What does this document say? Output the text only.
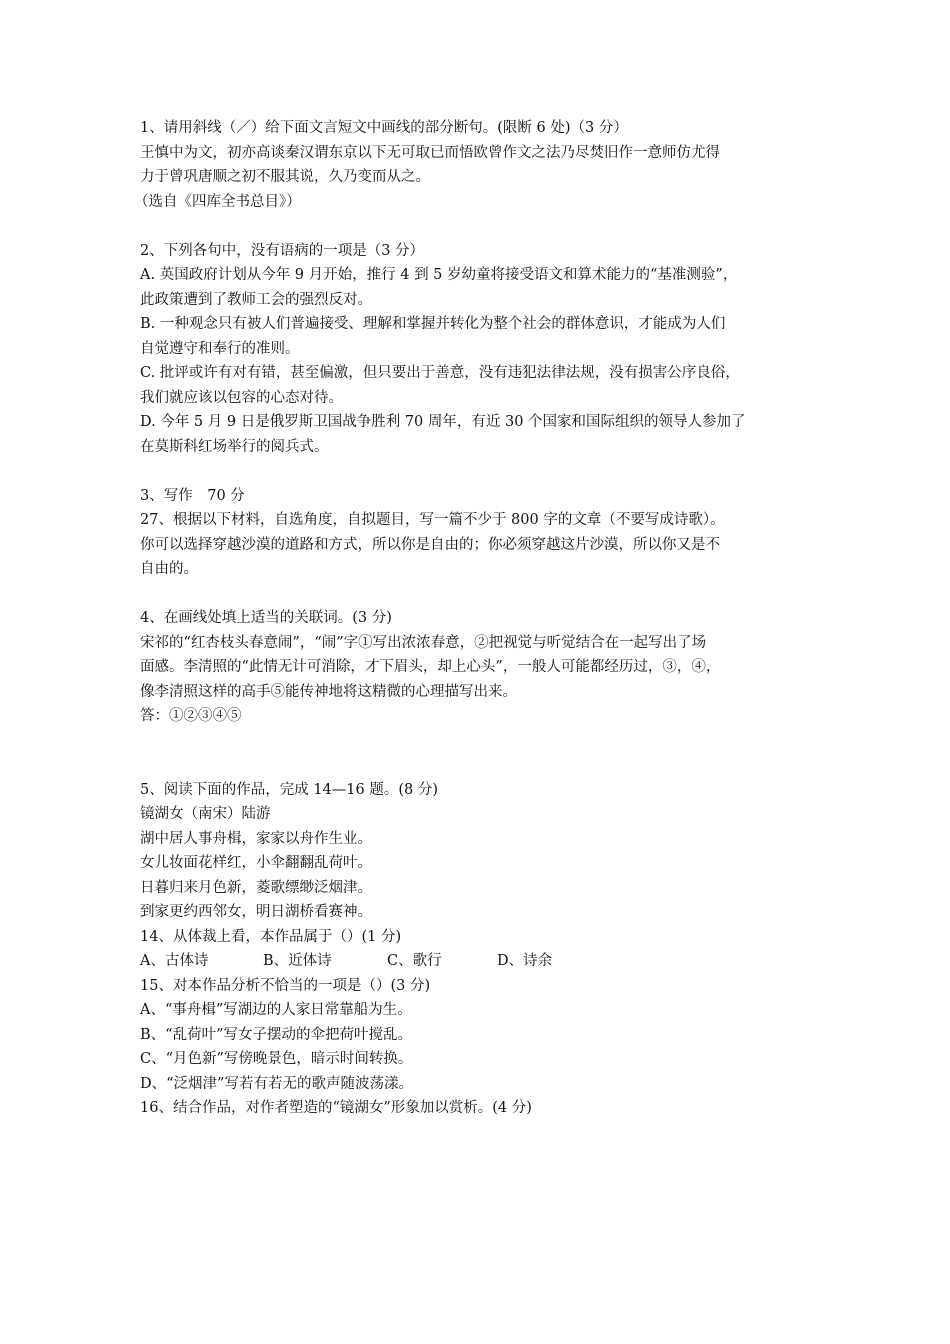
1、请用斜线（／）给下面文言短文中画线的部分断句。(限断 6 处)（3 分）
王慎中为文，初亦高谈秦汉谓东京以下无可取已而悟欧曾作文之法乃尽焚旧作一意师仿尤得
力于曾巩唐顺之初不服其说，久乃变而从之。
（选自《四库全书总目》）
2、下列各句中，没有语病的一项是（3 分）
A. 英国政府计划从今年 9 月开始，推行 4 到 5 岁幼童将接受语文和算术能力的“基准测验”，
此政策遭到了教师工会的强烈反对。
B. 一种观念只有被人们普遍接受、理解和掌握并转化为整个社会的群体意识，才能成为人们
自觉遵守和奉行的准则。
C. 批评或许有对有错，甚至偏激，但只要出于善意，没有违犯法律法规，没有损害公序良俗，
我们就应该以包容的心态对待。
D. 今年 5 月 9 日是俄罗斯卫国战争胜利 70 周年，有近 30 个国家和国际组织的领导人参加了
在莫斯科红场举行的阅兵式。
3、写作　70 分
27、根据以下材料，自选角度，自拟题目，写一篇不少于 800 字的文章（不要写成诗歌）。
你可以选择穿越沙漠的道路和方式，所以你是自由的；你必须穿越这片沙漠，所以你又是不
自由的。
4、在画线处填上适当的关联词。(3 分)
宋祁的“红杏枝头春意闹”，“闹”字①写出浓浓春意，②把视觉与听觉结合在一起写出了场
面感。李清照的“此情无计可消除，才下眉头，却上心头”，一般人可能都经历过，③，④，
像李清照这样的高手⑤能传神地将这精微的心理描写出来。
答：①②③④⑤
5、阅读下面的作品，完成 14—16 题。(8 分)
镜湖女（南宋）陆游
湖中居人事舟楫，家家以舟作生业。
女儿妆面花样红，小伞翻翻乱荷叶。
日暮归来月色新，菱歌缥缈泛烟津。
到家更约西邻女，明日湖桥看赛神。
14、从体裁上看，本作品属于（）(1 分)
A、古体诗	B、近体诗	C、歌行	D、诗余
15、对本作品分析不恰当的一项是（）(3 分)
A、“事舟楫”写湖边的人家日常靠船为生。
B、“乱荷叶”写女子摆动的伞把荷叶搅乱。
C、“月色新”写傍晚景色，暗示时间转换。
D、“泛烟津”写若有若无的歌声随波荡漾。
16、结合作品，对作者塑造的“镜湖女”形象加以赏析。(4 分)
